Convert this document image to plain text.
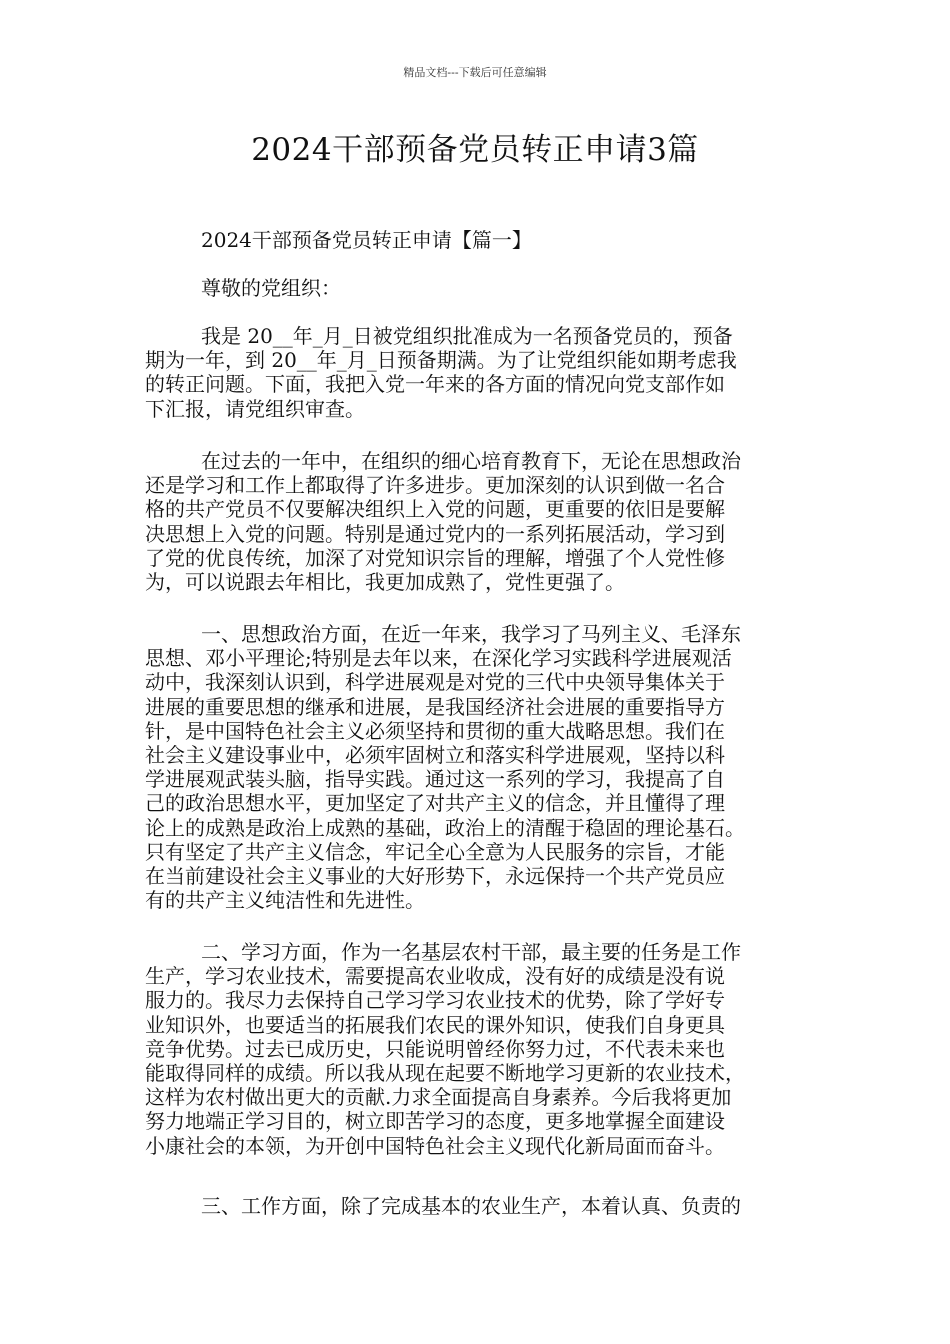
精品文档---下载后可任意编辑
2024干部预备党员转正申请3篇

2024干部预备党员转正申请【篇一】

尊敬的党组织：

我是 20__年_月_日被党组织批准成为一名预备党员的，预备
期为一年，到 20__年_月_日预备期满。为了让党组织能如期考虑我
的转正问题。下面，我把入党一年来的各方面的情况向党支部作如
下汇报，请党组织审查。

在过去的一年中，在组织的细心培育教育下，无论在思想政治
还是学习和工作上都取得了许多进步。更加深刻的认识到做一名合
格的共产党员不仅要解决组织上入党的问题，更重要的依旧是要解
决思想上入党的问题。特别是通过党内的一系列拓展活动，学习到
了党的优良传统，加深了对党知识宗旨的理解，增强了个人党性修
为，可以说跟去年相比，我更加成熟了，党性更强了。

一、思想政治方面，在近一年来，我学习了马列主义、毛泽东
思想、邓小平理论;特别是去年以来，在深化学习实践科学进展观活
动中，我深刻认识到，科学进展观是对党的三代中央领导集体关于
进展的重要思想的继承和进展，是我国经济社会进展的重要指导方
针，是中国特色社会主义必须坚持和贯彻的重大战略思想。我们在
社会主义建设事业中，必须牢固树立和落实科学进展观，坚持以科
学进展观武装头脑，指导实践。通过这一系列的学习，我提高了自
己的政治思想水平，更加坚定了对共产主义的信念，并且懂得了理
论上的成熟是政治上成熟的基础，政治上的清醒于稳固的理论基石。
只有坚定了共产主义信念，牢记全心全意为人民服务的宗旨，才能
在当前建设社会主义事业的大好形势下，永远保持一个共产党员应
有的共产主义纯洁性和先进性。

二、学习方面，作为一名基层农村干部，最主要的任务是工作
生产，学习农业技术，需要提高农业收成，没有好的成绩是没有说
服力的。我尽力去保持自己学习学习农业技术的优势，除了学好专
业知识外，也要适当的拓展我们农民的课外知识，使我们自身更具
竞争优势。过去已成历史，只能说明曾经你努力过，不代表未来也
能取得同样的成绩。所以我从现在起要不断地学习更新的农业技术，
这样为农村做出更大的贡献.力求全面提高自身素养。今后我将更加
努力地端正学习目的，树立即苦学习的态度，更多地掌握全面建设
小康社会的本领，为开创中国特色社会主义现代化新局面而奋斗。

三、工作方面，除了完成基本的农业生产，本着认真、负责的
